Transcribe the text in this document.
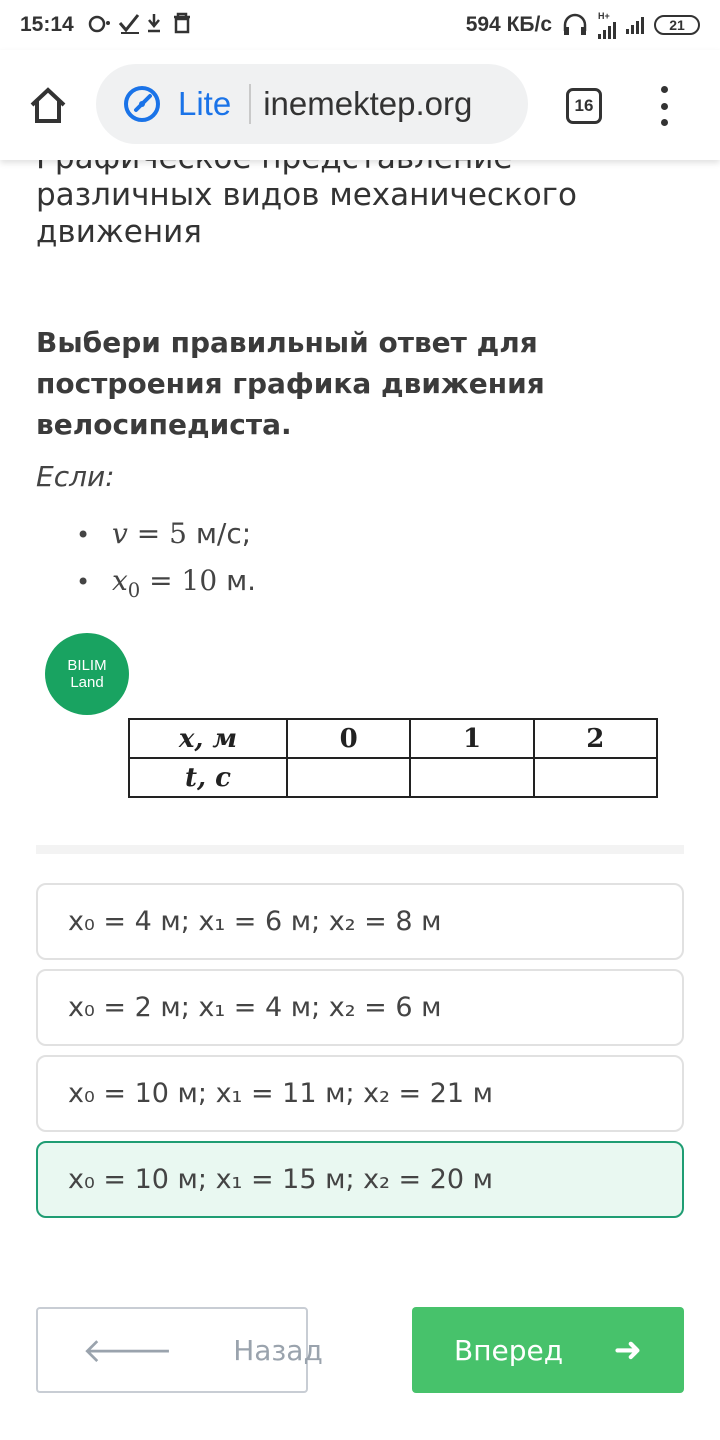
15:14	594 КБ/с	H+
21
Lite inemektep.org	16
различных видов механического движения
Выбери правильный ответ для построения графика движения велосипедиста.
Если:
• v = 5 м/с;
• x 0 = 10 м.
BILIM
Land
x, м	0	1	2
t, с			
x₀ = 4 м; x₁ = 6 м; x₂ = 8 м
x₀ = 2 м; x₁ = 4 м; x₂ = 6 м
x₀ = 10 м; x₁ = 11 м; x₂ = 21 м
x₀ = 10 м; x₁ = 15 м; x₂ = 20 м
🡐 Назад	Вперед ➜
